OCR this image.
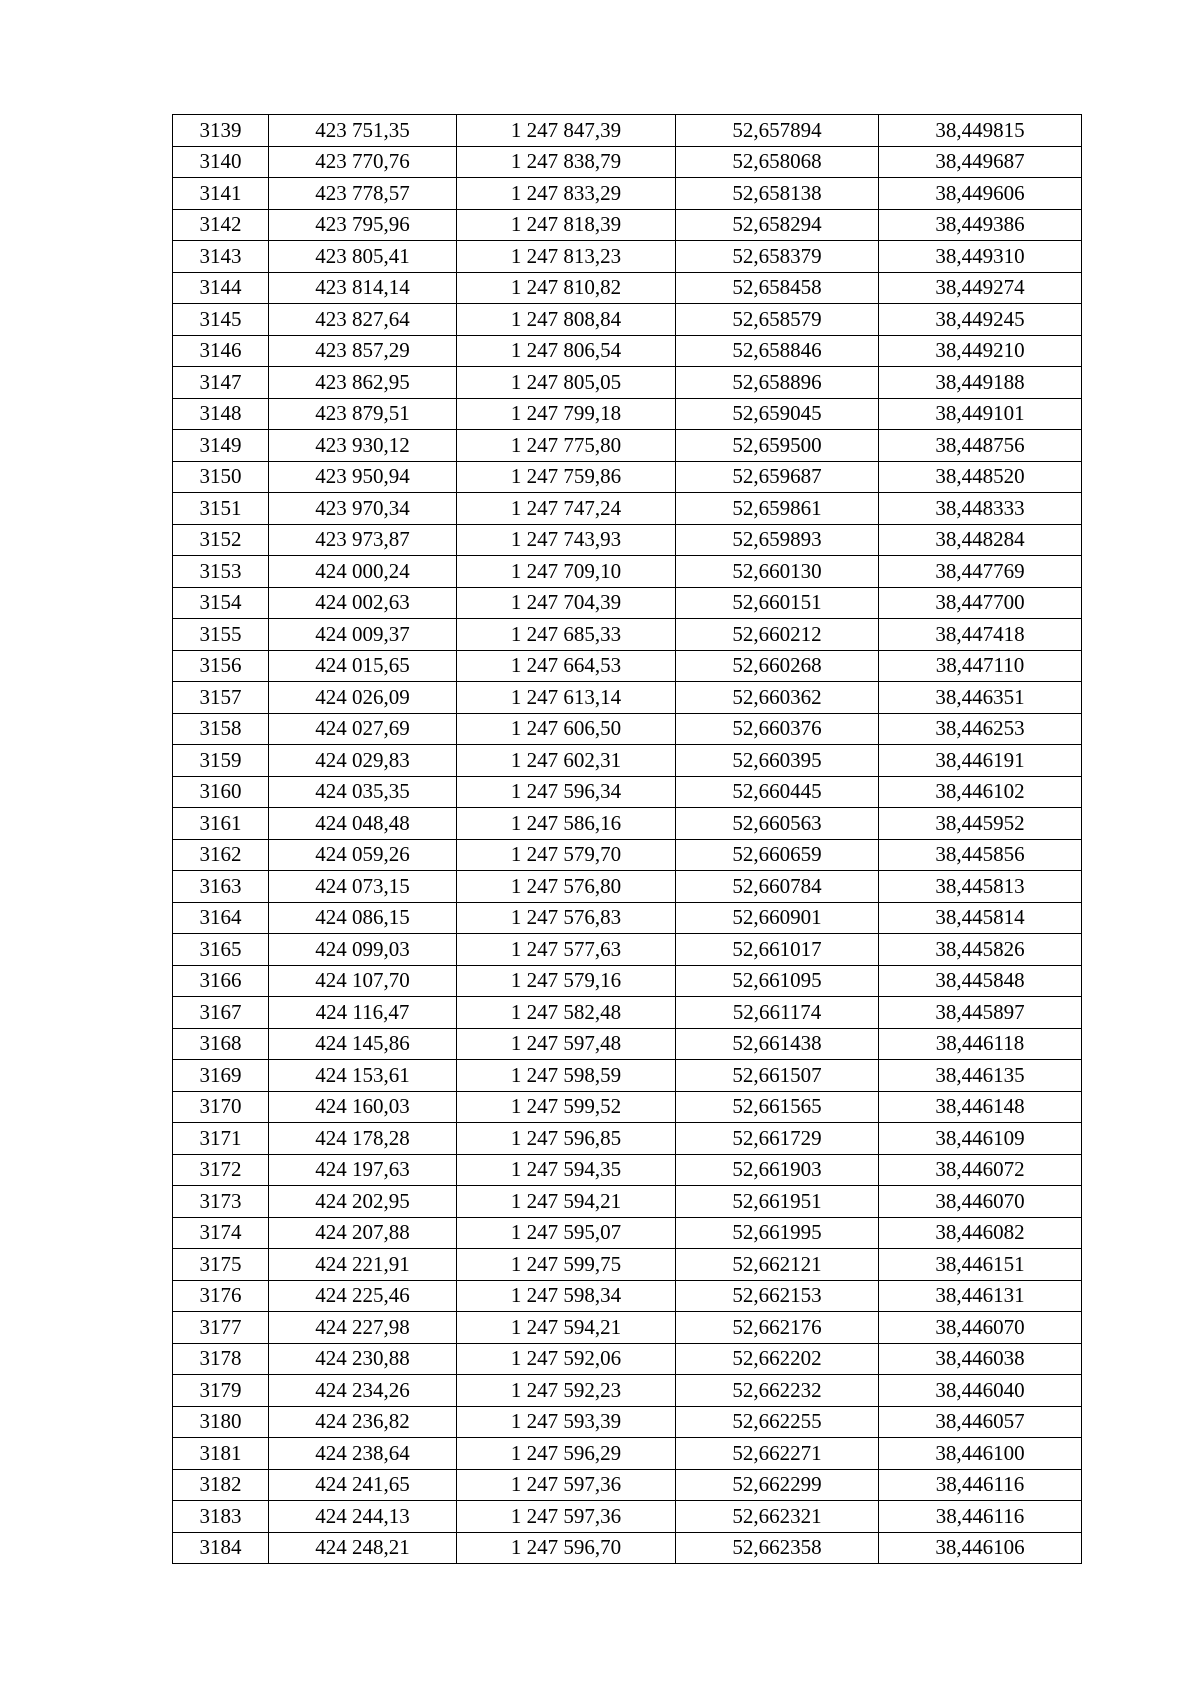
3139	423 751,35	1 247 847,39	52,657894	38,449815
3140	423 770,76	1 247 838,79	52,658068	38,449687
3141	423 778,57	1 247 833,29	52,658138	38,449606
3142	423 795,96	1 247 818,39	52,658294	38,449386
3143	423 805,41	1 247 813,23	52,658379	38,449310
3144	423 814,14	1 247 810,82	52,658458	38,449274
3145	423 827,64	1 247 808,84	52,658579	38,449245
3146	423 857,29	1 247 806,54	52,658846	38,449210
3147	423 862,95	1 247 805,05	52,658896	38,449188
3148	423 879,51	1 247 799,18	52,659045	38,449101
3149	423 930,12	1 247 775,80	52,659500	38,448756
3150	423 950,94	1 247 759,86	52,659687	38,448520
3151	423 970,34	1 247 747,24	52,659861	38,448333
3152	423 973,87	1 247 743,93	52,659893	38,448284
3153	424 000,24	1 247 709,10	52,660130	38,447769
3154	424 002,63	1 247 704,39	52,660151	38,447700
3155	424 009,37	1 247 685,33	52,660212	38,447418
3156	424 015,65	1 247 664,53	52,660268	38,447110
3157	424 026,09	1 247 613,14	52,660362	38,446351
3158	424 027,69	1 247 606,50	52,660376	38,446253
3159	424 029,83	1 247 602,31	52,660395	38,446191
3160	424 035,35	1 247 596,34	52,660445	38,446102
3161	424 048,48	1 247 586,16	52,660563	38,445952
3162	424 059,26	1 247 579,70	52,660659	38,445856
3163	424 073,15	1 247 576,80	52,660784	38,445813
3164	424 086,15	1 247 576,83	52,660901	38,445814
3165	424 099,03	1 247 577,63	52,661017	38,445826
3166	424 107,70	1 247 579,16	52,661095	38,445848
3167	424 116,47	1 247 582,48	52,661174	38,445897
3168	424 145,86	1 247 597,48	52,661438	38,446118
3169	424 153,61	1 247 598,59	52,661507	38,446135
3170	424 160,03	1 247 599,52	52,661565	38,446148
3171	424 178,28	1 247 596,85	52,661729	38,446109
3172	424 197,63	1 247 594,35	52,661903	38,446072
3173	424 202,95	1 247 594,21	52,661951	38,446070
3174	424 207,88	1 247 595,07	52,661995	38,446082
3175	424 221,91	1 247 599,75	52,662121	38,446151
3176	424 225,46	1 247 598,34	52,662153	38,446131
3177	424 227,98	1 247 594,21	52,662176	38,446070
3178	424 230,88	1 247 592,06	52,662202	38,446038
3179	424 234,26	1 247 592,23	52,662232	38,446040
3180	424 236,82	1 247 593,39	52,662255	38,446057
3181	424 238,64	1 247 596,29	52,662271	38,446100
3182	424 241,65	1 247 597,36	52,662299	38,446116
3183	424 244,13	1 247 597,36	52,662321	38,446116
3184	424 248,21	1 247 596,70	52,662358	38,446106
